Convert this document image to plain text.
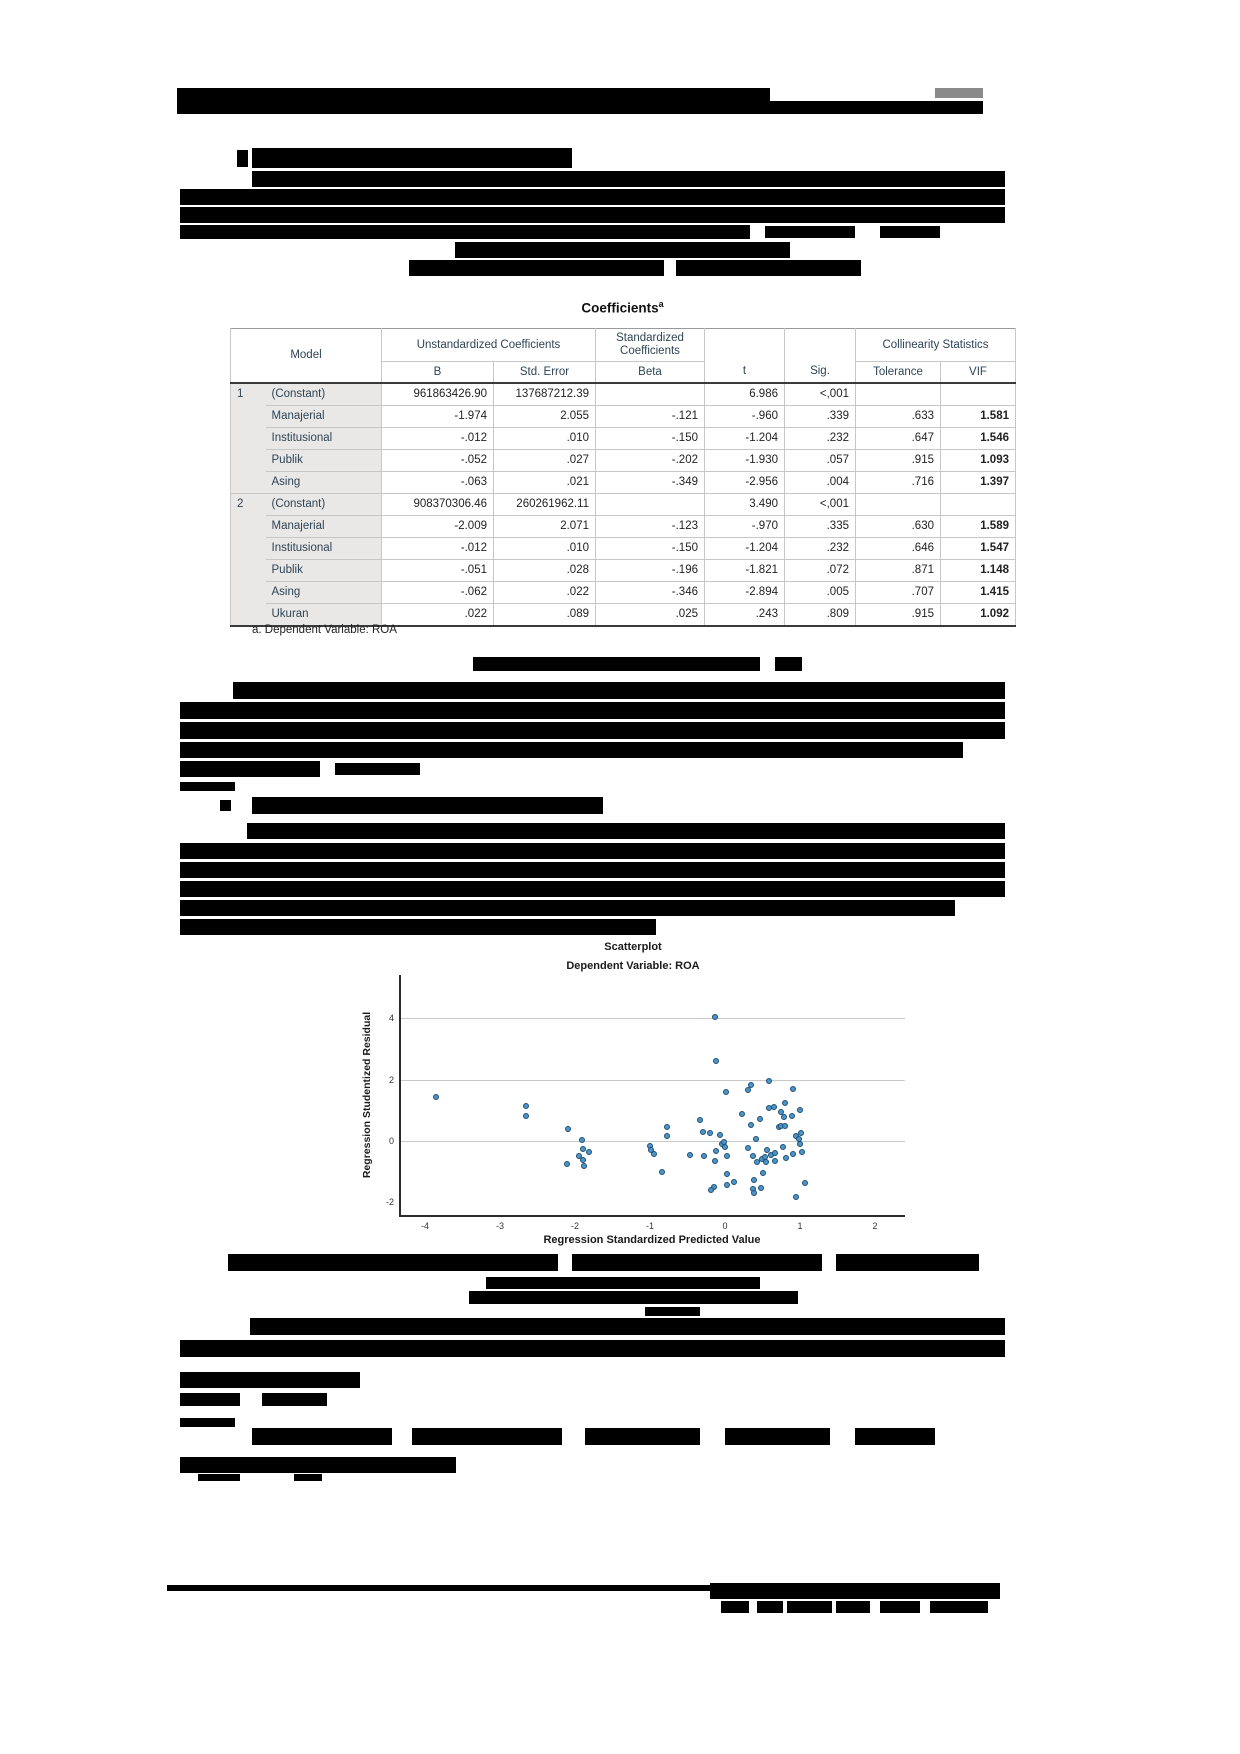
Coefficients$^a$
Model		Unstandardized Coefficients		Standardized Coefficients			Collinearity Statistics	
		B	Std. Error	Beta	t	Sig.	Tolerance	VIF
1	(Constant)	961863426.90	137687212.39		6.986	<,001		
	Manajerial	-1.974	2.055	-.121	-.960	.339	.633	1.581
	Institusional	-.012	.010	-.150	-1.204	.232	.647	1.546
	Publik	-.052	.027	-.202	-1.930	.057	.915	1.093
	Asing	-.063	.021	-.349	-2.956	.004	.716	1.397
2	(Constant)	908370306.46	260261962.11		3.490	<,001		
	Manajerial	-2.009	2.071	-.123	-.970	.335	.630	1.589
	Institusional	-.012	.010	-.150	-1.204	.232	.646	1.547
	Publik	-.051	.028	-.196	-1.821	.072	.871	1.148
	Asing	-.062	.022	-.346	-2.894	.005	.707	1.415
	Ukuran	.022	.089	.025	.243	.809	.915	1.092
a. Dependent Variable: ROA
Scatterplot
Dependent Variable: ROA
-2
0
2
4
-4	-3	-2	-1	0	1	2
Regression Studentized Residual
Regression Standardized Predicted Value
